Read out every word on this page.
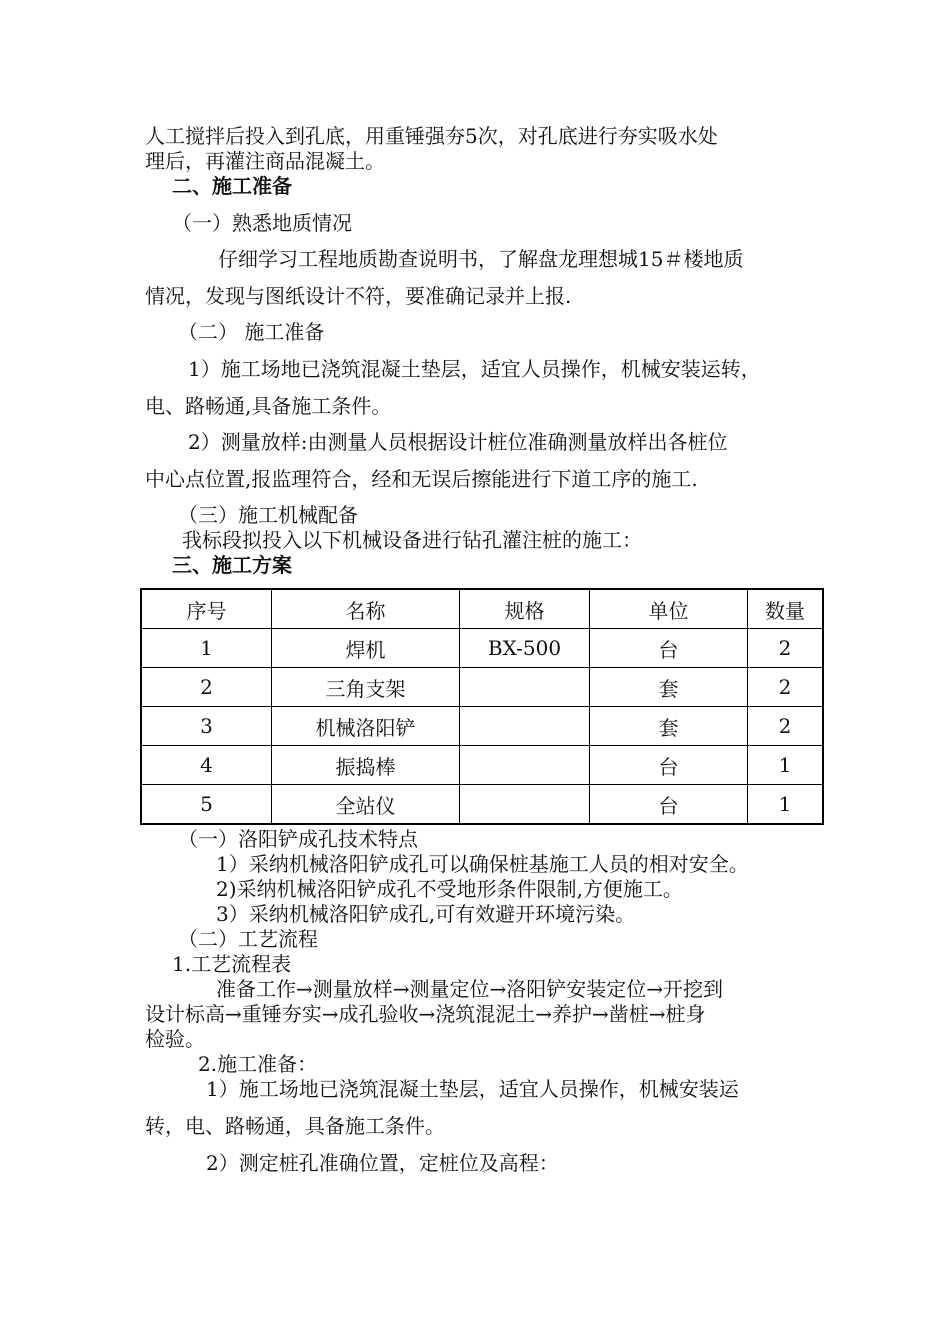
人工搅拌后投入到孔底，用重锤强夯5次，对孔底进行夯实吸水处
理后，再灌注商品混凝土。
二、施工准备
（一）熟悉地质情况
仔细学习工程地质勘查说明书，了解盘龙理想城15＃楼地质
情况，发现与图纸设计不符，要准确记录并上报.
（二） 施工准备
1）施工场地已浇筑混凝土垫层，适宜人员操作，机械安装运转，
电、路畅通,具备施工条件。
2）测量放样:由测量人员根据设计桩位准确测量放样出各桩位
中心点位置,报监理符合，经和无误后擦能进行下道工序的施工.
（三）施工机械配备
我标段拟投入以下机械设备进行钻孔灌注桩的施工：
三、施工方案
序号	名称	规格	单位	数量
1	焊机	BX-500	台	2
2	三角支架		套	2
3	机械洛阳铲		套	2
4	振捣棒		台	1
5	全站仪		台	1
（一）洛阳铲成孔技术特点
1）采纳机械洛阳铲成孔可以确保桩基施工人员的相对安全。
2)采纳机械洛阳铲成孔不受地形条件限制,方便施工。
3）采纳机械洛阳铲成孔,可有效避开环境污染。
（二）工艺流程
1.工艺流程表
准备工作→测量放样→测量定位→洛阳铲安装定位→开挖到
设计标高→重锤夯实→成孔验收→浇筑混泥土→养护→凿桩→桩身
检验。
2.施工准备：
1）施工场地已浇筑混凝土垫层，适宜人员操作，机械安装运
转，电、路畅通，具备施工条件。
2）测定桩孔准确位置，定桩位及高程：
